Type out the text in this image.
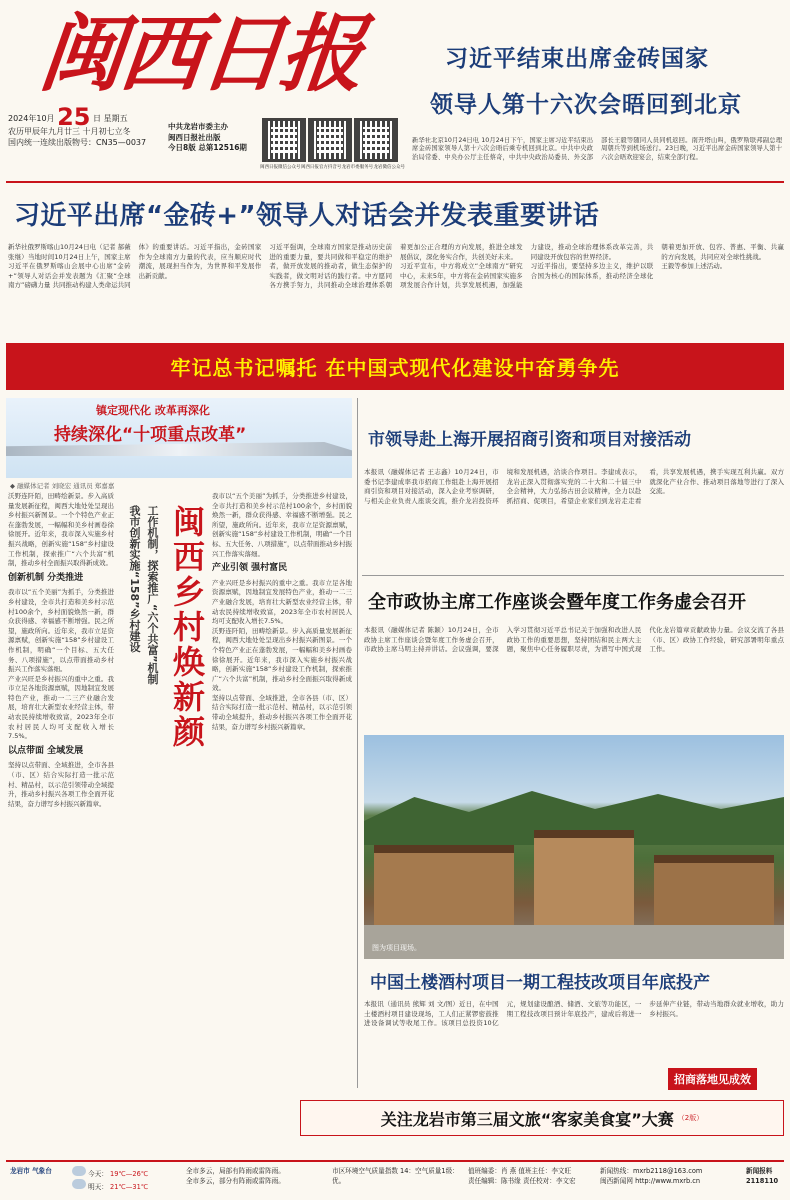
闽西日报
2024年10月 25 日 星期五
农历甲辰年九月廿三 十月初七立冬
国内统一连续出版物号：CN35—0037
中共龙岩市委主办
闽西日报社出版
今日8版 总第12516期
闽西日报微信公众号 闽西日报官方抖音号 龙岩市委服务号 龙岩微信公众号
习近平结束出席金砖国家
领导人第十六次会晤回到北京
新华社北京10月24日电 10月24日下午，国家主席习近平结束出席金砖国家领导人第十六次会晤后乘专机回到北京。中共中央政治局常委、中央办公厅主任蔡奇，中共中央政治局委员、外交部部长王毅等随同人员同机返回。南开塔山叫，俄罗斯联邦副总理周朝兵等到机场送行。23日晚，习近平出席金砖国家领导人第十六次会晤欢迎宴会，结束全部行程。
习近平出席“金砖+”领导人对话会并发表重要讲话

新华社俄罗斯喀山10月24日电（记者 郝薇 张继）当地时间10月24日上午，国家主席习近平在俄罗斯喀山会展中心出席“金砖+”领导人对话会并发表题为《汇聚“全球南方”磅礴力量 共同推动构建人类命运共同体》的重要讲话。习近平指出，金砖国家作为全球南方力量的代表，应当顺应时代潮流，展现担当作为，为世界和平发展作出新贡献。

习近平强调，全球南方国家是推动历史前进的重要力量，要共同做和平稳定的维护者，做开放发展的推动者，做生态保护的实践者，做文明对话的践行者。中方愿同各方携手努力，共同推动全球治理体系朝着更加公正合理的方向发展，推进全球发展倡议，深化务实合作，共创美好未来。

习近平宣布，中方将成立“全球南方”研究中心，未来5年，中方将在金砖国家实施多项发展合作计划，共享发展机遇，加强能力建设，推动全球治理体系改革完善，共同建设开放包容的世界经济。

习近平指出，要坚持多边主义，维护以联合国为核心的国际体系，推动经济全球化朝着更加开放、包容、普惠、平衡、共赢的方向发展，共同应对全球性挑战。

王毅等参加上述活动。

牢记总书记嘱托 在中国式现代化建设中奋勇争先
镇定现代化 改革再深化
持续深化“十项重点改革”
◆ 融媒体记者 刘晓宏 通讯员 郑嘉嘉

沃野连阡陌，田畴绘新景。步入高质量发展新征程，闽西大地处处呈现出乡村振兴新图景。一个个特色产业正在蓬勃发展，一幅幅和美乡村画卷徐徐展开。近年来，我市深入实施乡村振兴战略，创新实施“158”乡村建设工作机制，探索推广“六个共富”机制，推动乡村全面振兴取得新成效。

创新机制 分类推进

我市以“五个美丽”为抓手，分类推进乡村建设，全市共打造和美乡村示范村100余个，乡村面貌焕然一新，群众获得感、幸福感不断增强。民之所望，施政所向。近年来，我市立足资源禀赋，创新实施“158”乡村建设工作机制，明确“一个目标、五大任务、八项措施”，以点带面推动乡村振兴工作落实落细。

产业兴旺是乡村振兴的重中之重。我市立足各地资源禀赋，因地制宜发展特色产业，推动一二三产业融合发展，培育壮大新型农业经营主体，带动农民持续增收致富，2023年全市农村居民人均可支配收入增长7.5%。

以点带面 全域发展

坚持以点带面、全域推进，全市各县（市、区）结合实际打造一批示范村、精品村，以示范引领带动全域提升，推动乡村振兴各项工作全面开花结果，奋力谱写乡村振兴新篇章。

闽西乡村焕新颜
工作机制，探索推广“六个共富”机制
我市创新实施“158”乡村建设

我市以“五个美丽”为抓手，分类推进乡村建设，全市共打造和美乡村示范村100余个，乡村面貌焕然一新，群众获得感、幸福感不断增强。民之所望，施政所向。近年来，我市立足资源禀赋，创新实施“158”乡村建设工作机制，明确“一个目标、五大任务、八项措施”，以点带面推动乡村振兴工作落实落细。

产业引领 强村富民

产业兴旺是乡村振兴的重中之重。我市立足各地资源禀赋，因地制宜发展特色产业，推动一二三产业融合发展，培育壮大新型农业经营主体，带动农民持续增收致富，2023年全市农村居民人均可支配收入增长7.5%。

沃野连阡陌，田畴绘新景。步入高质量发展新征程，闽西大地处处呈现出乡村振兴新图景。一个个特色产业正在蓬勃发展，一幅幅和美乡村画卷徐徐展开。近年来，我市深入实施乡村振兴战略，创新实施“158”乡村建设工作机制，探索推广“六个共富”机制，推动乡村全面振兴取得新成效。

坚持以点带面、全域推进，全市各县（市、区）结合实际打造一批示范村、精品村，以示范引领带动全域提升，推动乡村振兴各项工作全面开花结果，奋力谱写乡村振兴新篇章。

市领导赴上海开展招商引资和项目对接活动
本报讯（融媒体记者 王志鑫）10月24日，市委书记李建成率我市招商工作组赴上海开展招商引资和项目对接活动，深入企业考察调研，与相关企业负责人座谈交流，推介龙岩投资环境和发展机遇，洽谈合作项目。李建成表示，龙岩正深入贯彻落实党的二十大和二十届三中全会精神，大力弘扬古田会议精神，全力以赴抓招商、促项目，希望企业家们到龙岩走走看看，共享发展机遇，携手实现互利共赢。双方就深化产业合作、推动项目落地等进行了深入交流。
全市政协主席工作座谈会暨年度工作务虚会召开
本报讯（融媒体记者 陈颖）10月24日，全市政协主席工作座谈会暨年度工作务虚会召开，市政协主席马明主持并讲话。会议强调，要深入学习贯彻习近平总书记关于加强和改进人民政协工作的重要思想，坚持团结和民主两大主题，聚焦中心任务履职尽责，为谱写中国式现代化龙岩篇章贡献政协力量。会议交流了各县（市、区）政协工作经验，研究部署明年重点工作。
图为项目现场。
中国土楼酒村项目一期工程技改项目年底投产
本报讯（通讯员 熊辉 刘 文/图）近日，在中国土楼酒村项目建设现场，工人们正紧锣密鼓推进设备调试等收尾工作。该项目总投资10亿元，规划建设酿酒、储酒、文旅等功能区，一期工程技改项目预计年底投产，建成后将进一步延伸产业链，带动当地群众就业增收，助力乡村振兴。
招商落地见成效
关注龙岩市第三届文旅“客家美食宴”大赛 （2版）
龙岩市 气象台	今天： 19℃—26℃
明天： 21℃—31℃
全市多云，局部有阵雨或雷阵雨。
全市多云，部分有阵雨或雷阵雨。
市区环境空气质量指数 14：空气质量1级：优。
值班编委：肖 燕 值班主任：李文旺
责任编辑：陈书缘 责任校对：李文宏
新闻热线：mxrb2118@163.com
闽西新闻网 http://www.mxrb.cn
新闻报料
2118110
